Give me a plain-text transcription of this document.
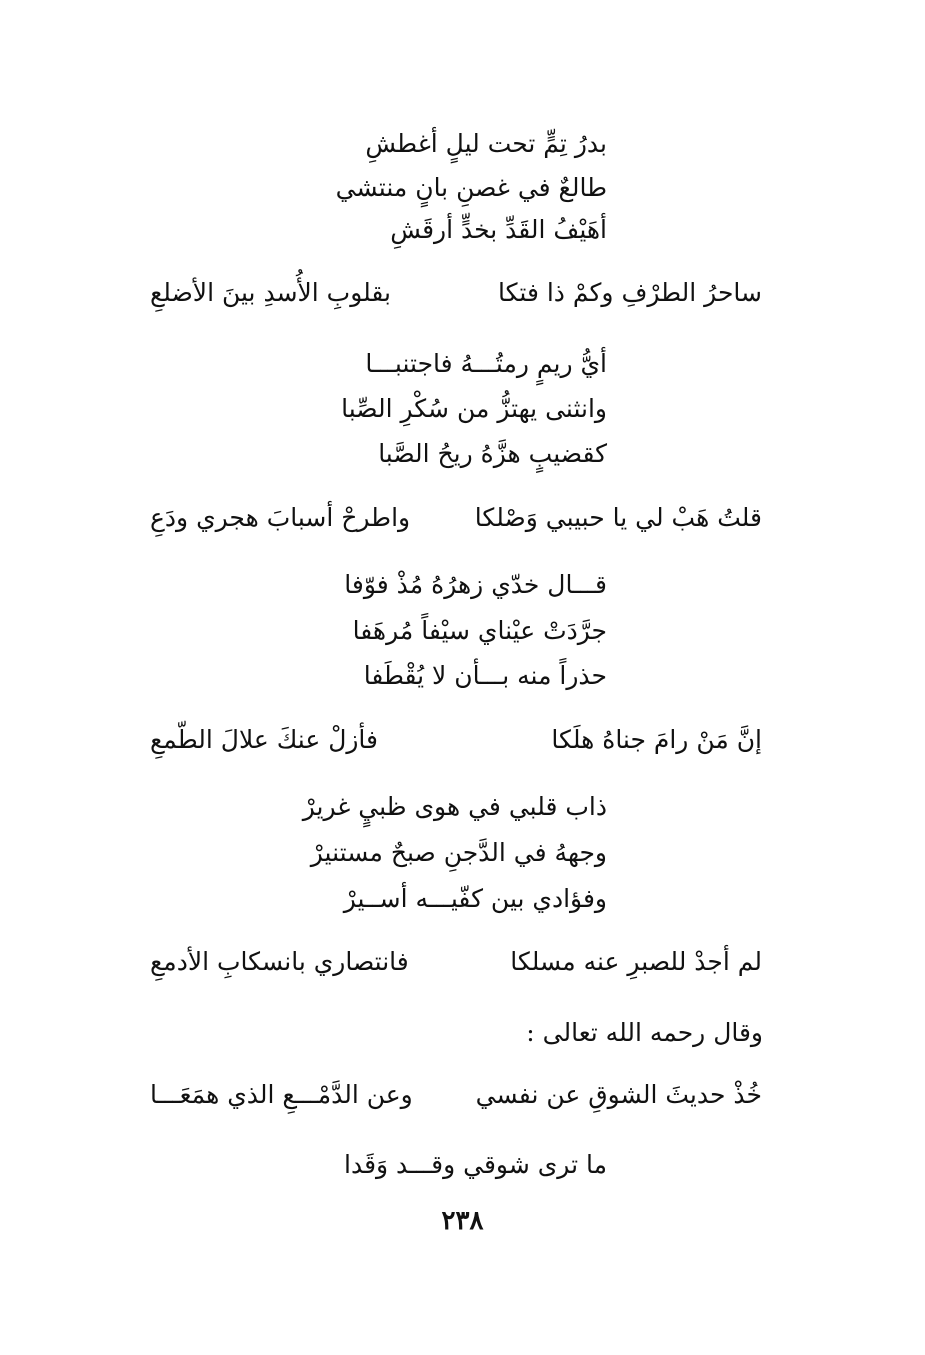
بدرُ تِمٍّ تحت ليلٍ أغطشِ
طالعٌ في غصنِ بانٍ منتشي
أهَيْفُ القَدِّ بخدٍّ أرقَشِ
ساحرُ الطرْفِ وكمْ ذا فتكا
بقلوبِ الأُسدِ بينَ الأضلعِ
أيُّ ريمٍ رمتُـــهُ فاجتنبـــا
وانثنى يهتزُّ من سُكْرِ الصِّبا
كقضيبٍ هزَّهُ ريحُ الصَّبا
قلتُ هَبْ لي يا حبيبي وَصْلكا
واطرحْ أسبابَ هجري ودَعِ
قـــال خدّي زهرُهُ مُذْ فوّفا
جرَّدَتْ عيْناي سيْفاً مُرهَفا
حذراً منه بـــأن لا يُقْطَفا
إنَّ مَنْ رامَ جناهُ هلَكا
فأزلْ عنكَ علالَ الطّمعِ
ذاب قلبي في هوى ظبيٍ غريرْ
وجههُ في الدَّجنِ صبحٌ مستنيرْ
وفؤادي بين كفّيـــه أســيرْ
لم أجدْ للصبرِ عنه مسلكا
فانتصاري بانسكابِ الأدمعِ
وقال رحمه الله تعالى :
خُذْ حديثَ الشوقِ عن نفسي
وعن الدَّمْـــعِ الذي همَعَـــا
ما ترى شوقي وقـــد وَقَدا
٢٣٨
